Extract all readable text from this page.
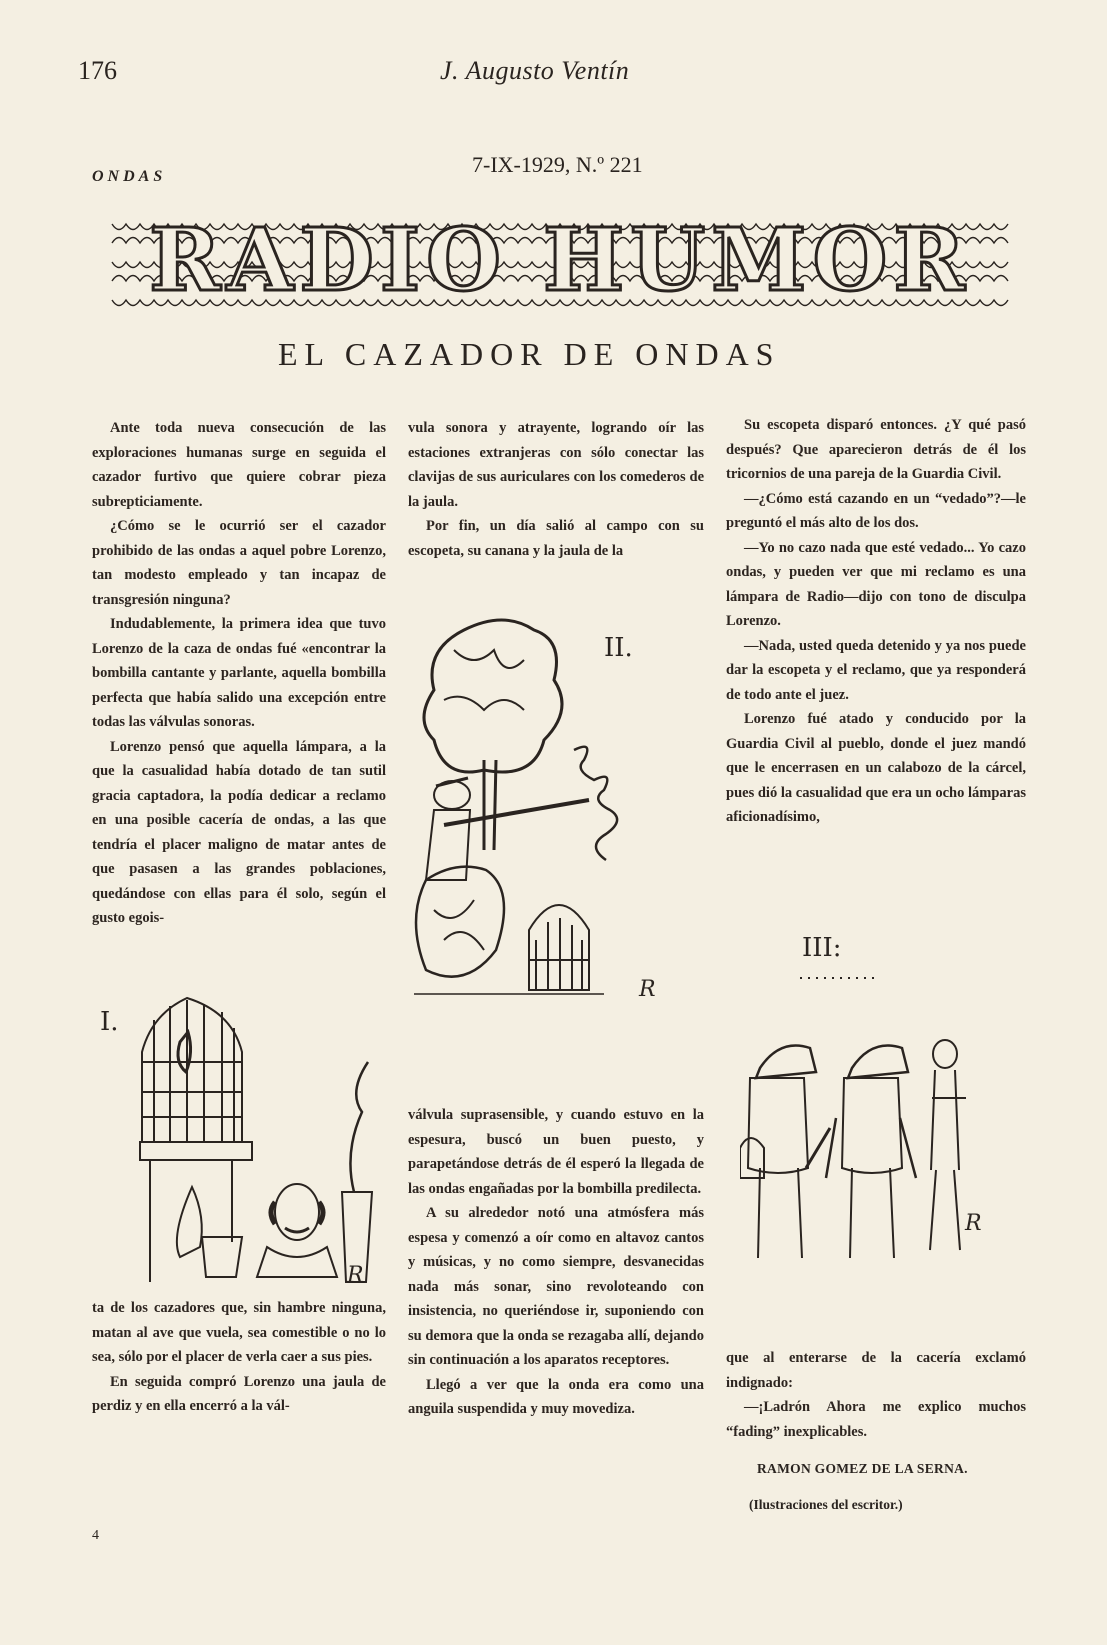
176	J. Augusto Ventín
ONDAS	7-IX-1929, N.º 221
RADIO HUMOR
EL CAZADOR DE ONDAS

Ante toda nueva consecución de las exploraciones humanas surge en seguida el cazador furtivo que quiere cobrar pieza subrepticiamente.

¿Cómo se le ocurrió ser el cazador prohibido de las ondas a aquel pobre Lorenzo, tan modesto empleado y tan incapaz de transgresión ninguna?

Indudablemente, la primera idea que tuvo Lorenzo de la caza de ondas fué «encontrar la bombilla cantante y parlante, aquella bombilla perfecta que había salido una excepción entre todas las válvulas sonoras.

Lorenzo pensó que aquella lámpara, a la que la casualidad había dotado de tan sutil gracia captadora, la podía dedicar a reclamo en una posible cacería de ondas, a las que tendría el placer maligno de matar antes de que pasasen a las grandes poblaciones, quedándose con ellas para él solo, según el gusto egois-

I.
R

ta de los cazadores que, sin hambre ninguna, matan al ave que vuela, sea comestible o no lo sea, sólo por el placer de verla caer a sus pies.

En seguida compró Lorenzo una jaula de perdiz y en ella encerró a la vál-

4

vula sonora y atrayente, logrando oír las estaciones extranjeras con sólo conectar las clavijas de sus auriculares con los comederos de la jaula.

Por fin, un día salió al campo con su escopeta, su canana y la jaula de la

II.
R

válvula suprasensible, y cuando estuvo en la espesura, buscó un buen puesto, y parapetándose detrás de él esperó la llegada de las ondas engañadas por la bombilla predilecta.

A su alrededor notó una atmósfera más espesa y comenzó a oír como en altavoz cantos y músicas, y no como siempre, desvanecidas nada más sonar, sino revoloteando con insistencia, no queriéndose ir, suponiendo con su demora que la onda se rezagaba allí, dejando sin continuación a los aparatos receptores.

Llegó a ver que la onda era como una anguila suspendida y muy movediza.

Su escopeta disparó entonces. ¿Y qué pasó después? Que aparecieron detrás de él los tricornios de una pareja de la Guardia Civil.

—¿Cómo está cazando en un “vedado”?—le preguntó el más alto de los dos.

—Yo no cazo nada que esté vedado... Yo cazo ondas, y pueden ver que mi reclamo es una lámpara de Radio—dijo con tono de disculpa Lorenzo.

—Nada, usted queda detenido y ya nos puede dar la escopeta y el reclamo, que ya responderá de todo ante el juez.

Lorenzo fué atado y conducido por la Guardia Civil al pueblo, donde el juez mandó que le encerrasen en un calabozo de la cárcel, pues dió la casualidad que era un ocho lámparas aficionadísimo,

III:
R

que al enterarse de la cacería exclamó indignado:

—¡Ladrón Ahora me explico muchos “fading” inexplicables.

RAMON GOMEZ DE LA SERNA.
(Ilustraciones del escritor.)
